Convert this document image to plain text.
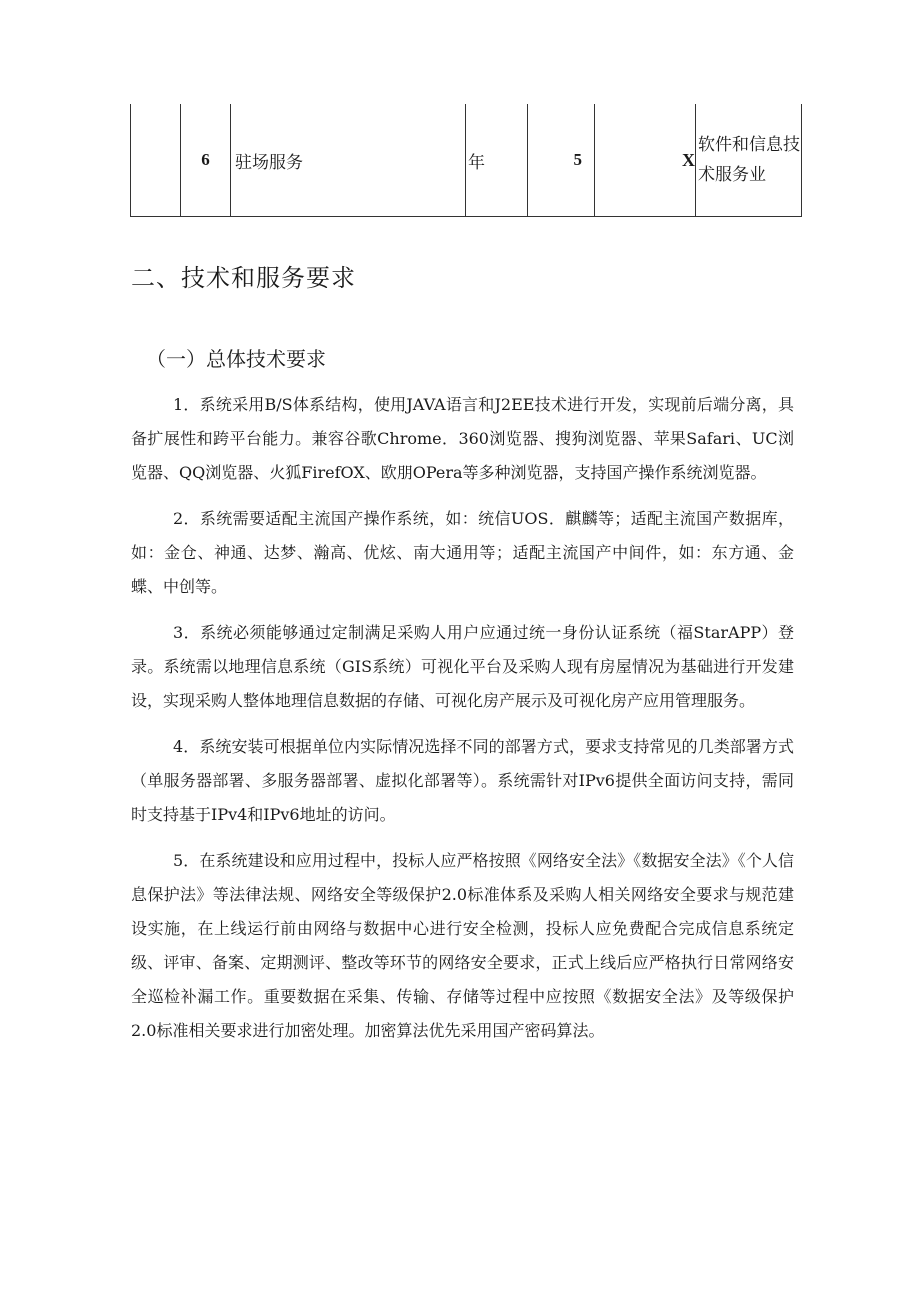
	6	驻场服务	年	5	X	软件和信息技术服务业
二、技术和服务要求
（一）总体技术要求

1．系统采用B/S体系结构，使用JAVA语言和J2EE技术进行开发，实现前后端分离，具备扩展性和跨平台能力。兼容谷歌Chrome．360浏览器、搜狗浏览器、苹果Safari、UC浏览器、QQ浏览器、火狐FirefOX、欧朋OPera等多种浏览器，支持国产操作系统浏览器。

2．系统需要适配主流国产操作系统，如：统信UOS．麒麟等；适配主流国产数据库，如：金仓、神通、达梦、瀚高、优炫、南大通用等；适配主流国产中间件，如：东方通、金蝶、中创等。

3．系统必须能够通过定制满足采购人用户应通过统一身份认证系统（福StarAPP）登录。系统需以地理信息系统（GIS系统）可视化平台及采购人现有房屋情况为基础进行开发建设，实现采购人整体地理信息数据的存储、可视化房产展示及可视化房产应用管理服务。

4．系统安装可根据单位内实际情况选择不同的部署方式，要求支持常见的几类部署方式（单服务器部署、多服务器部署、虚拟化部署等）。系统需针对IPv6提供全面访问支持，需同时支持基于IPv4和IPv6地址的访问。

5．在系统建设和应用过程中，投标人应严格按照《网络安全法》《数据安全法》《个人信息保护法》等法律法规、网络安全等级保护2.0标准体系及采购人相关网络安全要求与规范建设实施，在上线运行前由网络与数据中心进行安全检测，投标人应免费配合完成信息系统定级、评审、备案、定期测评、整改等环节的网络安全要求，正式上线后应严格执行日常网络安全巡检补漏工作。重要数据在采集、传输、存储等过程中应按照《数据安全法》及等级保护2.0标准相关要求进行加密处理。加密算法优先采用国产密码算法。
